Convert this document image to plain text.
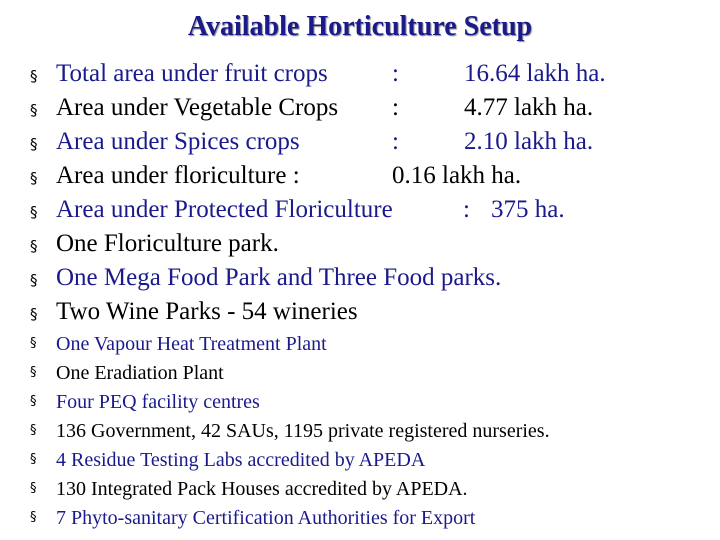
Available Horticulture Setup
§ Total area under fruit crops	:	16.64 lakh ha.
§ Area under Vegetable Crops :	4.77 lakh ha.
§ Area under Spices crops	:	2.10 lakh ha.
§ Area under floriculture :	0.16 lakh ha.
§ Area under Protected Floriculture	: 375 ha.
§ One Floriculture park.
§ One Mega Food Park and Three Food parks.
§ Two Wine Parks - 54 wineries
§ One Vapour Heat Treatment Plant
§ One Eradiation Plant
§ Four PEQ facility centres
§ 136 Government, 42 SAUs, 1195 private registered nurseries.
§ 4 Residue Testing Labs accredited by APEDA
§ 130 Integrated Pack Houses accredited by APEDA.
§ 7 Phyto-sanitary Certification Authorities for Export
